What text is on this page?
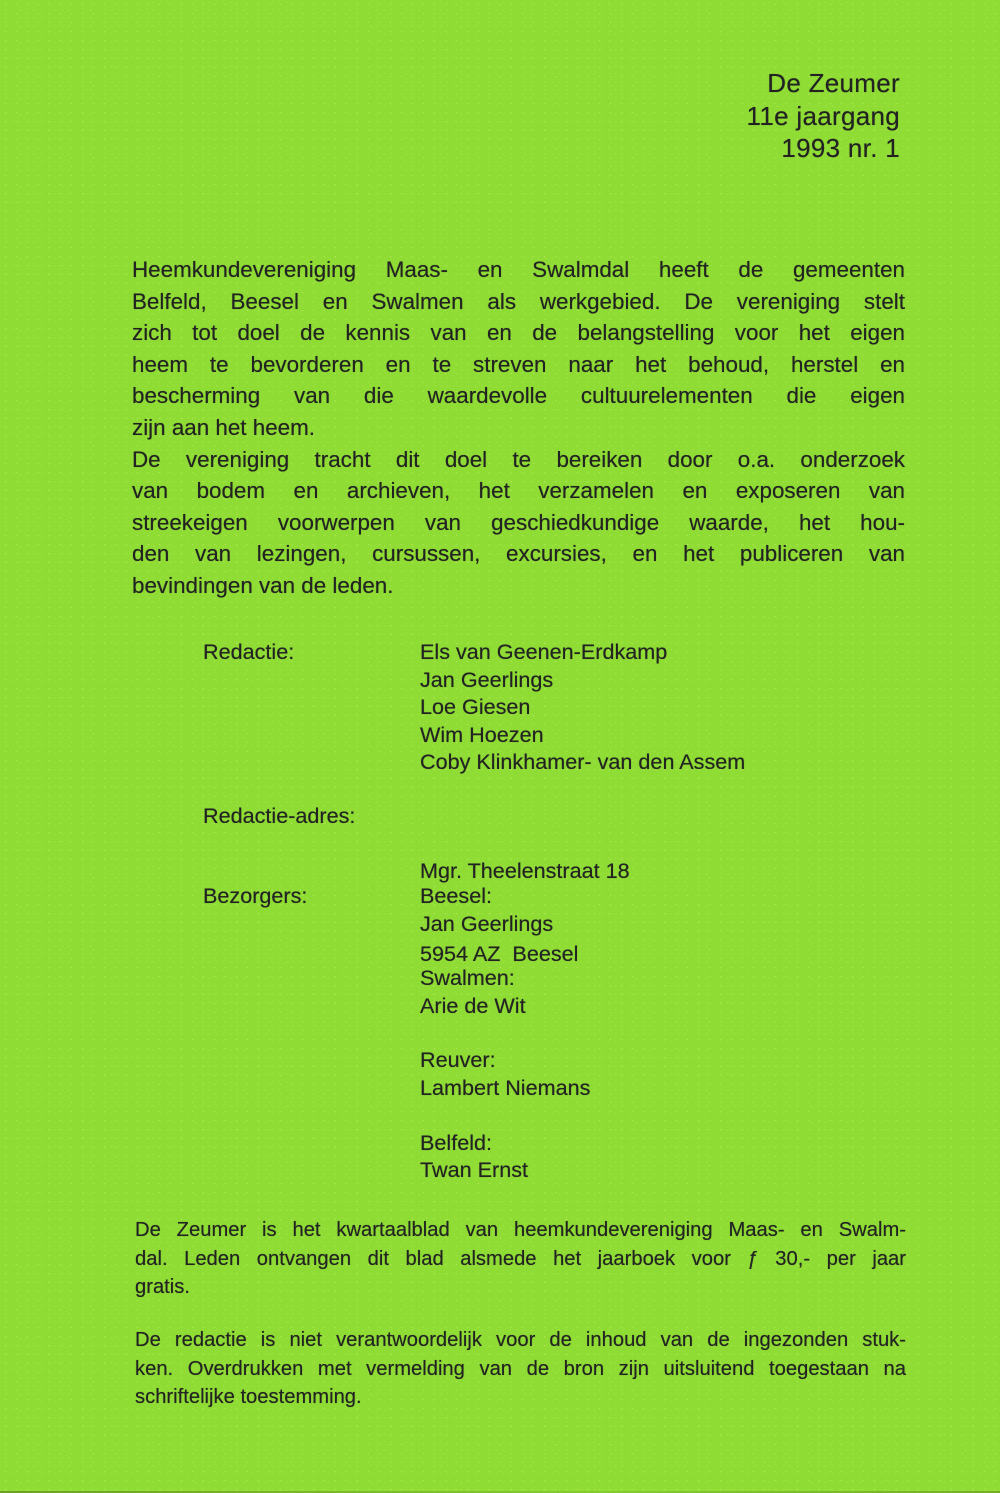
De Zeumer
11e jaargang
1993 nr. 1
Heemkundevereniging Maas- en Swalmdal heeft de gemeenten
Belfeld, Beesel en Swalmen als werkgebied. De vereniging stelt
zich tot doel de kennis van en de belangstelling voor het eigen
heem te bevorderen en te streven naar het behoud, herstel en
bescherming van die waardevolle cultuurelementen die eigen
zijn aan het heem.
De vereniging tracht dit doel te bereiken door o.a. onderzoek
van bodem en archieven, het verzamelen en exposeren van
streekeigen voorwerpen van geschiedkundige waarde, het hou-
den van lezingen, cursussen, excursies, en het publiceren van
bevindingen van de leden.
Redactie:	Els van Geenen-Erdkamp
Jan Geerlings
Loe Giesen
Wim Hoezen
Coby Klinkhamer- van den Assem
Redactie-adres:

Mgr. Theelenstraat 18

5954 AZ  Beesel

Bezorgers:	Beesel:
Jan Geerlings
Swalmen:
Arie de Wit
Reuver:
Lambert Niemans
Belfeld:
Twan Ernst
De Zeumer is het kwartaalblad van heemkundevereniging Maas- en Swalm-
dal. Leden ontvangen dit blad alsmede het jaarboek voor ƒ 30,- per jaar
gratis.
De redactie is niet verantwoordelijk voor de inhoud van de ingezonden stuk-
ken. Overdrukken met vermelding van de bron zijn uitsluitend toegestaan na
schriftelijke toestemming.
